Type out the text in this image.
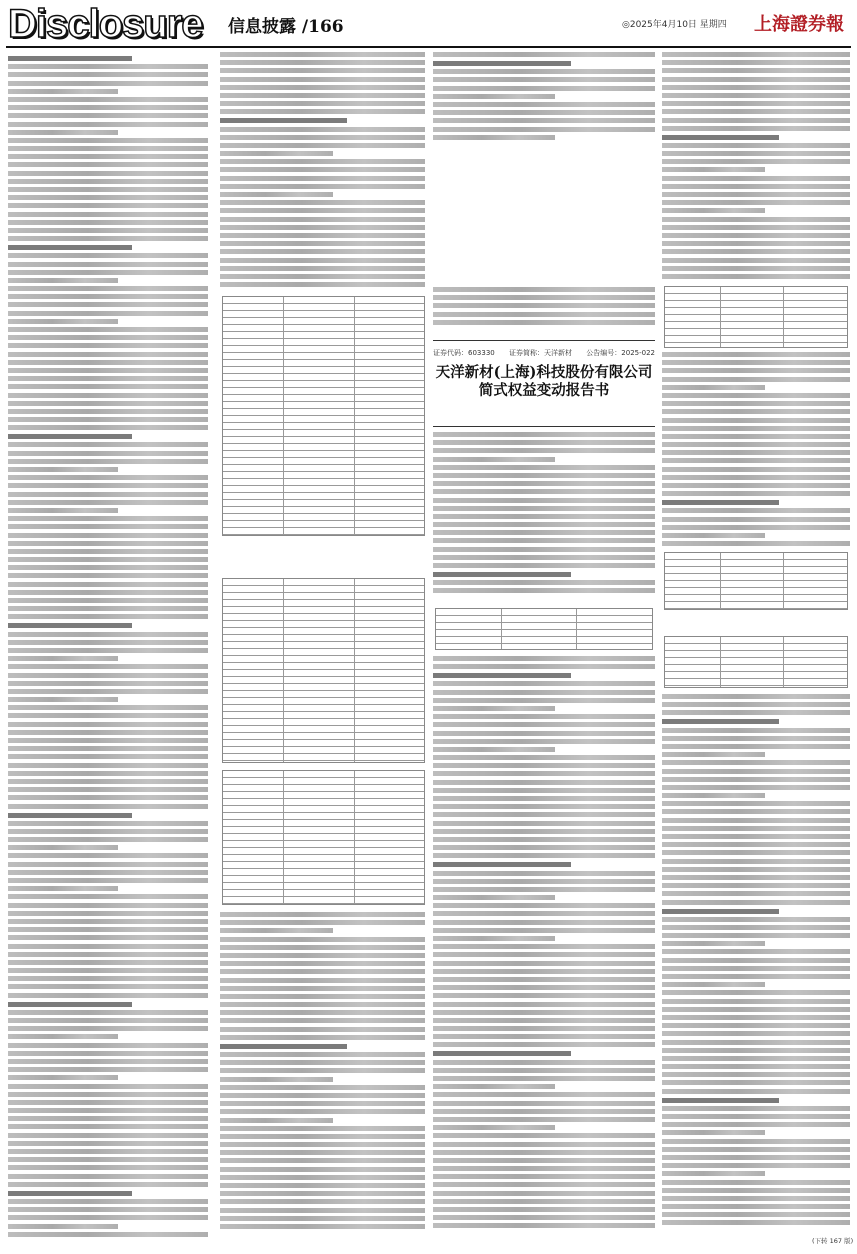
Disclosure 信息披露 /166	◎2025年4月10日 星期四 上海證券報
证券代码：603330 证券简称：天洋新材 公告编号：2025-022
天洋新材(上海)科技股份有限公司
简式权益变动报告书
(下转 167 版)
